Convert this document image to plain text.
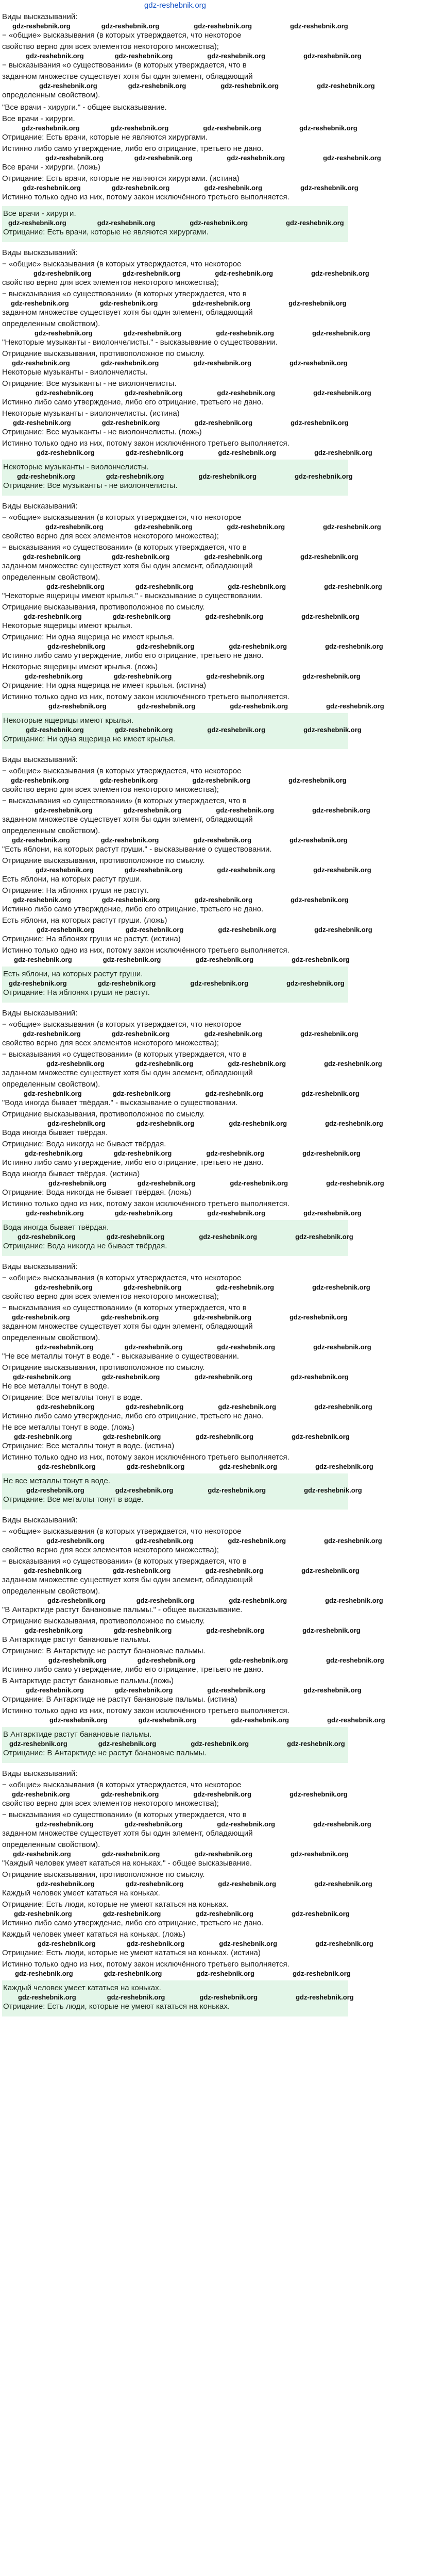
gdz-reshebnik.org
Виды высказываний:
gdz-reshebnik.org	gdz-reshebnik.org	gdz-reshebnik.org	gdz-reshebnik.org
− «общие» высказывания (в которых утверждается, что некоторое
свойство верно для всех элементов некоторого множества);
gdz-reshebnik.org	gdz-reshebnik.org	gdz-reshebnik.org	gdz-reshebnik.org
− высказывания «о существовании» (в которых утверждается, что в
заданном множестве существует хотя бы один элемент, обладающий
gdz-reshebnik.org	gdz-reshebnik.org	gdz-reshebnik.org	gdz-reshebnik.org
определенным свойством).
"Все врачи - хирурги." - общее высказывание.
Все врачи - хирурги.
gdz-reshebnik.org	gdz-reshebnik.org	gdz-reshebnik.org	gdz-reshebnik.org
Отрицание: Есть врачи, которые не являются хирургами.
Истинно либо само утверждение, либо его отрицание, третьего не дано.
gdz-reshebnik.org	gdz-reshebnik.org	gdz-reshebnik.org	gdz-reshebnik.org
Все врачи - хирурги. (ложь)
Отрицание: Есть врачи, которые не являются хирургами. (истина)
gdz-reshebnik.org	gdz-reshebnik.org	gdz-reshebnik.org	gdz-reshebnik.org
Истинно только одно из них, потому закон исключённого третьего выполняется.
Все врачи - хирурги.
gdz-reshebnik.org	gdz-reshebnik.org	gdz-reshebnik.org	gdz-reshebnik.org
Отрицание: Есть врачи, которые не являются хирургами.
Виды высказываний:
− «общие» высказывания (в которых утверждается, что некоторое
gdz-reshebnik.org	gdz-reshebnik.org	gdz-reshebnik.org	gdz-reshebnik.org
свойство верно для всех элементов некоторого множества);
− высказывания «о существовании» (в которых утверждается, что в
gdz-reshebnik.org	gdz-reshebnik.org	gdz-reshebnik.org	gdz-reshebnik.org
заданном множестве существует хотя бы один элемент, обладающий
определенным свойством).
gdz-reshebnik.org	gdz-reshebnik.org	gdz-reshebnik.org	gdz-reshebnik.org
"Некоторые музыканты - виолончелисты." - высказывание о существовании.
Отрицание высказывания, противоположное по смыслу.
gdz-reshebnik.org	gdz-reshebnik.org	gdz-reshebnik.org	gdz-reshebnik.org
Некоторые музыканты - виолончелисты.
Отрицание: Все музыканты - не виолончелисты.
gdz-reshebnik.org	gdz-reshebnik.org	gdz-reshebnik.org	gdz-reshebnik.org
Истинно либо само утверждение, либо его отрицание, третьего не дано.
Некоторые музыканты - виолончелисты. (истина)
gdz-reshebnik.org	gdz-reshebnik.org	gdz-reshebnik.org	gdz-reshebnik.org
Отрицание: Все музыканты - не виолончелисты. (ложь)
Истинно только одно из них, потому закон исключённого третьего выполняется.
gdz-reshebnik.org	gdz-reshebnik.org	gdz-reshebnik.org	gdz-reshebnik.org
Некоторые музыканты - виолончелисты.
gdz-reshebnik.org	gdz-reshebnik.org	gdz-reshebnik.org	gdz-reshebnik.org
Отрицание: Все музыканты - не виолончелисты.
Виды высказываний:
− «общие» высказывания (в которых утверждается, что некоторое
gdz-reshebnik.org	gdz-reshebnik.org	gdz-reshebnik.org	gdz-reshebnik.org
свойство верно для всех элементов некоторого множества);
− высказывания «о существовании» (в которых утверждается, что в
gdz-reshebnik.org	gdz-reshebnik.org	gdz-reshebnik.org	gdz-reshebnik.org
заданном множестве существует хотя бы один элемент, обладающий
определенным свойством).
gdz-reshebnik.org	gdz-reshebnik.org	gdz-reshebnik.org	gdz-reshebnik.org
"Некоторые ящерицы имеют крылья." - высказывание о существовании.
Отрицание высказывания, противоположное по смыслу.
gdz-reshebnik.org	gdz-reshebnik.org	gdz-reshebnik.org	gdz-reshebnik.org
Некоторые ящерицы имеют крылья.
Отрицание: Ни одна ящерица не имеет крылья.
gdz-reshebnik.org	gdz-reshebnik.org	gdz-reshebnik.org	gdz-reshebnik.org
Истинно либо само утверждение, либо его отрицание, третьего не дано.
Некоторые ящерицы имеют крылья. (ложь)
gdz-reshebnik.org	gdz-reshebnik.org	gdz-reshebnik.org	gdz-reshebnik.org
Отрицание: Ни одна ящерица не имеет крылья. (истина)
Истинно только одно из них, потому закон исключённого третьего выполняется.
gdz-reshebnik.org	gdz-reshebnik.org	gdz-reshebnik.org	gdz-reshebnik.org
Некоторые ящерицы имеют крылья.
gdz-reshebnik.org	gdz-reshebnik.org	gdz-reshebnik.org	gdz-reshebnik.org
Отрицание: Ни одна ящерица не имеет крылья.
Виды высказываний:
− «общие» высказывания (в которых утверждается, что некоторое
gdz-reshebnik.org	gdz-reshebnik.org	gdz-reshebnik.org	gdz-reshebnik.org
свойство верно для всех элементов некоторого множества);
− высказывания «о существовании» (в которых утверждается, что в
gdz-reshebnik.org	gdz-reshebnik.org	gdz-reshebnik.org	gdz-reshebnik.org
заданном множестве существует хотя бы один элемент, обладающий
определенным свойством).
gdz-reshebnik.org	gdz-reshebnik.org	gdz-reshebnik.org	gdz-reshebnik.org
"Есть яблони, на которых растут груши." - высказывание о существовании.
Отрицание высказывания, противоположное по смыслу.
gdz-reshebnik.org	gdz-reshebnik.org	gdz-reshebnik.org	gdz-reshebnik.org
Есть яблони, на которых растут груши.
Отрицание: На яблонях груши не растут.
gdz-reshebnik.org	gdz-reshebnik.org	gdz-reshebnik.org	gdz-reshebnik.org
Истинно либо само утверждение, либо его отрицание, третьего не дано.
Есть яблони, на которых растут груши. (ложь)
gdz-reshebnik.org	gdz-reshebnik.org	gdz-reshebnik.org	gdz-reshebnik.org
Отрицание: На яблонях груши не растут. (истина)
Истинно только одно из них, потому закон исключённого третьего выполняется.
gdz-reshebnik.org	gdz-reshebnik.org	gdz-reshebnik.org	gdz-reshebnik.org
Есть яблони, на которых растут груши.
gdz-reshebnik.org	gdz-reshebnik.org	gdz-reshebnik.org	gdz-reshebnik.org
Отрицание: На яблонях груши не растут.
Виды высказываний:
− «общие» высказывания (в которых утверждается, что некоторое
gdz-reshebnik.org	gdz-reshebnik.org	gdz-reshebnik.org	gdz-reshebnik.org
свойство верно для всех элементов некоторого множества);
− высказывания «о существовании» (в которых утверждается, что в
gdz-reshebnik.org	gdz-reshebnik.org	gdz-reshebnik.org	gdz-reshebnik.org
заданном множестве существует хотя бы один элемент, обладающий
определенным свойством).
gdz-reshebnik.org	gdz-reshebnik.org	gdz-reshebnik.org	gdz-reshebnik.org
"Вода иногда бывает твёрдая." - высказывание о существовании.
Отрицание высказывания, противоположное по смыслу.
gdz-reshebnik.org	gdz-reshebnik.org	gdz-reshebnik.org	gdz-reshebnik.org
Вода иногда бывает твёрдая.
Отрицание: Вода никогда не бывает твёрдая.
gdz-reshebnik.org	gdz-reshebnik.org	gdz-reshebnik.org	gdz-reshebnik.org
Истинно либо само утверждение, либо его отрицание, третьего не дано.
Вода иногда бывает твёрдая. (истина)
gdz-reshebnik.org	gdz-reshebnik.org	gdz-reshebnik.org	gdz-reshebnik.org
Отрицание: Вода никогда не бывает твёрдая. (ложь)
Истинно только одно из них, потому закон исключённого третьего выполняется.
gdz-reshebnik.org	gdz-reshebnik.org	gdz-reshebnik.org	gdz-reshebnik.org
Вода иногда бывает твёрдая.
gdz-reshebnik.org	gdz-reshebnik.org	gdz-reshebnik.org	gdz-reshebnik.org
Отрицание: Вода никогда не бывает твёрдая.
Виды высказываний:
− «общие» высказывания (в которых утверждается, что некоторое
gdz-reshebnik.org	gdz-reshebnik.org	gdz-reshebnik.org	gdz-reshebnik.org
свойство верно для всех элементов некоторого множества);
− высказывания «о существовании» (в которых утверждается, что в
gdz-reshebnik.org	gdz-reshebnik.org	gdz-reshebnik.org	gdz-reshebnik.org
заданном множестве существует хотя бы один элемент, обладающий
определенным свойством).
gdz-reshebnik.org	gdz-reshebnik.org	gdz-reshebnik.org	gdz-reshebnik.org
"Не все металлы тонут в воде." - высказывание о существовании.
Отрицание высказывания, противоположное по смыслу.
gdz-reshebnik.org	gdz-reshebnik.org	gdz-reshebnik.org	gdz-reshebnik.org
Не все металлы тонут в воде.
Отрицание: Все металлы тонут в воде.
gdz-reshebnik.org	gdz-reshebnik.org	gdz-reshebnik.org	gdz-reshebnik.org
Истинно либо само утверждение, либо его отрицание, третьего не дано.
Не все металлы тонут в воде. (ложь)
gdz-reshebnik.org	gdz-reshebnik.org	gdz-reshebnik.org	gdz-reshebnik.org
Отрицание: Все металлы тонут в воде. (истина)
Истинно только одно из них, потому закон исключённого третьего выполняется.
gdz-reshebnik.org	gdz-reshebnik.org	gdz-reshebnik.org	gdz-reshebnik.org
Не все металлы тонут в воде.
gdz-reshebnik.org	gdz-reshebnik.org	gdz-reshebnik.org	gdz-reshebnik.org
Отрицание: Все металлы тонут в воде.
Виды высказываний:
− «общие» высказывания (в которых утверждается, что некоторое
gdz-reshebnik.org	gdz-reshebnik.org	gdz-reshebnik.org	gdz-reshebnik.org
свойство верно для всех элементов некоторого множества);
− высказывания «о существовании» (в которых утверждается, что в
gdz-reshebnik.org	gdz-reshebnik.org	gdz-reshebnik.org	gdz-reshebnik.org
заданном множестве существует хотя бы один элемент, обладающий
определенным свойством).
gdz-reshebnik.org	gdz-reshebnik.org	gdz-reshebnik.org	gdz-reshebnik.org
"В Антарктиде растут банановые пальмы." - общее высказывание.
Отрицание высказывания, противоположное по смыслу.
gdz-reshebnik.org	gdz-reshebnik.org	gdz-reshebnik.org	gdz-reshebnik.org
В Антарктиде растут банановые пальмы.
Отрицание: В Антарктиде не растут банановые пальмы.
gdz-reshebnik.org	gdz-reshebnik.org	gdz-reshebnik.org	gdz-reshebnik.org
Истинно либо само утверждение, либо его отрицание, третьего не дано.
В Антарктиде растут банановые пальмы.(ложь)
gdz-reshebnik.org	gdz-reshebnik.org	gdz-reshebnik.org	gdz-reshebnik.org
Отрицание: В Антарктиде не растут банановые пальмы. (истина)
Истинно только одно из них, потому закон исключённого третьего выполняется.
gdz-reshebnik.org	gdz-reshebnik.org	gdz-reshebnik.org	gdz-reshebnik.org
В Антарктиде растут банановые пальмы.
gdz-reshebnik.org	gdz-reshebnik.org	gdz-reshebnik.org	gdz-reshebnik.org
Отрицание: В Антарктиде не растут банановые пальмы.
Виды высказываний:
− «общие» высказывания (в которых утверждается, что некоторое
gdz-reshebnik.org	gdz-reshebnik.org	gdz-reshebnik.org	gdz-reshebnik.org
свойство верно для всех элементов некоторого множества);
− высказывания «о существовании» (в которых утверждается, что в
gdz-reshebnik.org	gdz-reshebnik.org	gdz-reshebnik.org	gdz-reshebnik.org
заданном множестве существует хотя бы один элемент, обладающий
определенным свойством).
gdz-reshebnik.org	gdz-reshebnik.org	gdz-reshebnik.org	gdz-reshebnik.org
"Каждый человек умеет кататься на коньках." - общее высказывание.
Отрицание высказывания, противоположное по смыслу.
gdz-reshebnik.org	gdz-reshebnik.org	gdz-reshebnik.org	gdz-reshebnik.org
Каждый человек умеет кататься на коньках.
Отрицание: Есть люди, которые не умеют кататься на коньках.
gdz-reshebnik.org	gdz-reshebnik.org	gdz-reshebnik.org	gdz-reshebnik.org
Истинно либо само утверждение, либо его отрицание, третьего не дано.
Каждый человек умеет кататься на коньках. (ложь)
gdz-reshebnik.org	gdz-reshebnik.org	gdz-reshebnik.org	gdz-reshebnik.org
Отрицание: Есть люди, которые не умеют кататься на коньках. (истина)
Истинно только одно из них, потому закон исключённого третьего выполняется.
gdz-reshebnik.org	gdz-reshebnik.org	gdz-reshebnik.org	gdz-reshebnik.org
Каждый человек умеет кататься на коньках.
gdz-reshebnik.org	gdz-reshebnik.org	gdz-reshebnik.org	gdz-reshebnik.org
Отрицание: Есть люди, которые не умеют кататься на коньках.
